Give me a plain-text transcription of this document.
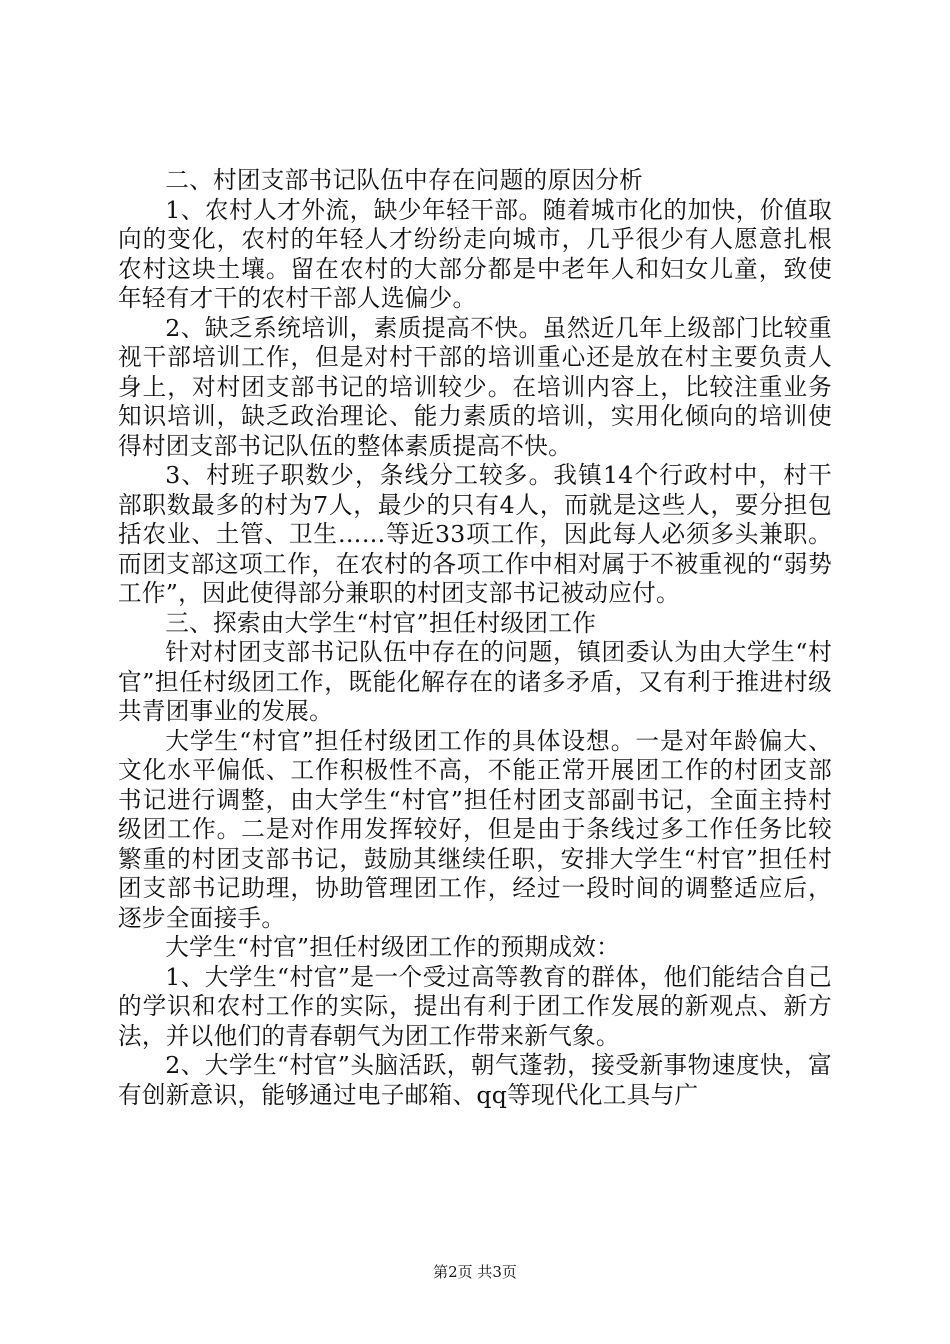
二、村团支部书记队伍中存在问题的原因分析

1、农村人才外流，缺少年轻干部。随着城市化的加快，价值取向的变化，农村的年轻人才纷纷走向城市，几乎很少有人愿意扎根农村这块土壤。留在农村的大部分都是中老年人和妇女儿童，致使年轻有才干的农村干部人选偏少。

2、缺乏系统培训，素质提高不快。虽然近几年上级部门比较重视干部培训工作，但是对村干部的培训重心还是放在村主要负责人身上，对村团支部书记的培训较少。在培训内容上，比较注重业务知识培训，缺乏政治理论、能力素质的培训，实用化倾向的培训使得村团支部书记队伍的整体素质提高不快。

3、村班子职数少，条线分工较多。我镇14个行政村中，村干部职数最多的村为7人，最少的只有4人，而就是这些人，要分担包括农业、土管、卫生……等近33项工作，因此每人必须多头兼职。而团支部这项工作，在农村的各项工作中相对属于不被重视的“弱势工作”，因此使得部分兼职的村团支部书记被动应付。

三、探索由大学生“村官”担任村级团工作

针对村团支部书记队伍中存在的问题，镇团委认为由大学生“村官”担任村级团工作，既能化解存在的诸多矛盾，又有利于推进村级共青团事业的发展。

大学生“村官”担任村级团工作的具体设想。一是对年龄偏大、文化水平偏低、工作积极性不高，不能正常开展团工作的村团支部书记进行调整，由大学生“村官”担任村团支部副书记，全面主持村级团工作。二是对作用发挥较好，但是由于条线过多工作任务比较繁重的村团支部书记，鼓励其继续任职，安排大学生“村官”担任村团支部书记助理，协助管理团工作，经过一段时间的调整适应后，逐步全面接手。

大学生“村官”担任村级团工作的预期成效：

1、大学生“村官”是一个受过高等教育的群体，他们能结合自己的学识和农村工作的实际，提出有利于团工作发展的新观点、新方法，并以他们的青春朝气为团工作带来新气象。

2、大学生“村官”头脑活跃，朝气蓬勃，接受新事物速度快，富有创新意识，能够通过电子邮箱、qq等现代化工具与广

第2页 共3页
